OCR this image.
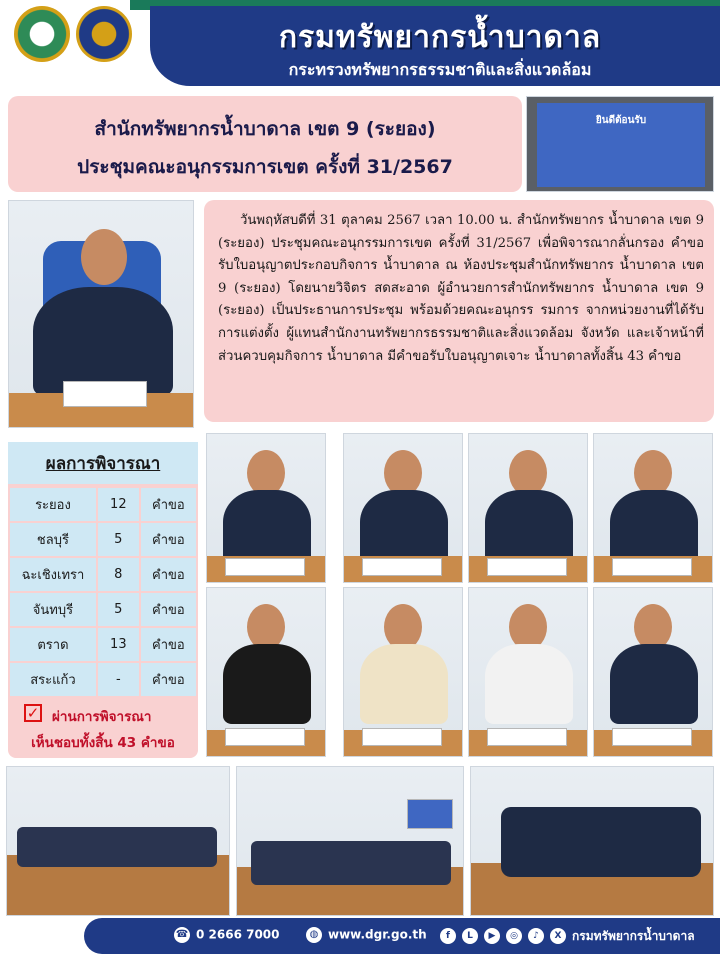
กรมทรัพยากรน้ำบาดาล
กระทรวงทรัพยากรธรรมชาติและสิ่งแวดล้อม
สำนักทรัพยากรน้ำบาดาล เขต 9 (ระยอง)
ประชุมคณะอนุกรรมการเขต ครั้งที่ 31/2567
ยินดีต้อนรับ
วันพฤหัสบดีที่ 31 ตุลาคม 2567 เวลา 10.00 น. สำนักทรัพยากร น้ำบาดาล เขต 9 (ระยอง) ประชุมคณะอนุกรรมการเขต ครั้งที่ 31/2567 เพื่อพิจารณากลั่นกรอง คำขอรับใบอนุญาตประกอบกิจการ น้ำบาดาล ณ ห้องประชุมสำนักทรัพยากร น้ำบาดาล เขต 9 (ระยอง) โดยนายวิจิตร สดสะอาด ผู้อำนวยการสำนักทรัพยากร น้ำบาดาล เขต 9 (ระยอง) เป็นประธานการประชุม พร้อมด้วยคณะอนุกรร รมการ จากหน่วยงานที่ได้รับการแต่งตั้ง ผู้แทนสำนักงานทรัพยากรธรรมชาติและสิ่งแวดล้อม จังหวัด และเจ้าหน้าที่ส่วนควบคุมกิจการ น้ำบาดาล มีคำขอรับใบอนุญาตเจาะ น้ำบาดาลทั้งสิ้น 43 คำขอ
ผลการพิจารณา
ระยอง	12	คำขอ
ชลบุรี	5	คำขอ
ฉะเชิงเทรา	8	คำขอ
จันทบุรี	5	คำขอ
ตราด	13	คำขอ
สระแก้ว	-	คำขอ
✓ ผ่านการพิจารณา
เห็นชอบทั้งสิ้น 43 คำขอ
☎ 0 2666 7000	◍ www.dgr.go.th	f	L	▶	◎	♪	X กรมทรัพยากรน้ำบาดาล
